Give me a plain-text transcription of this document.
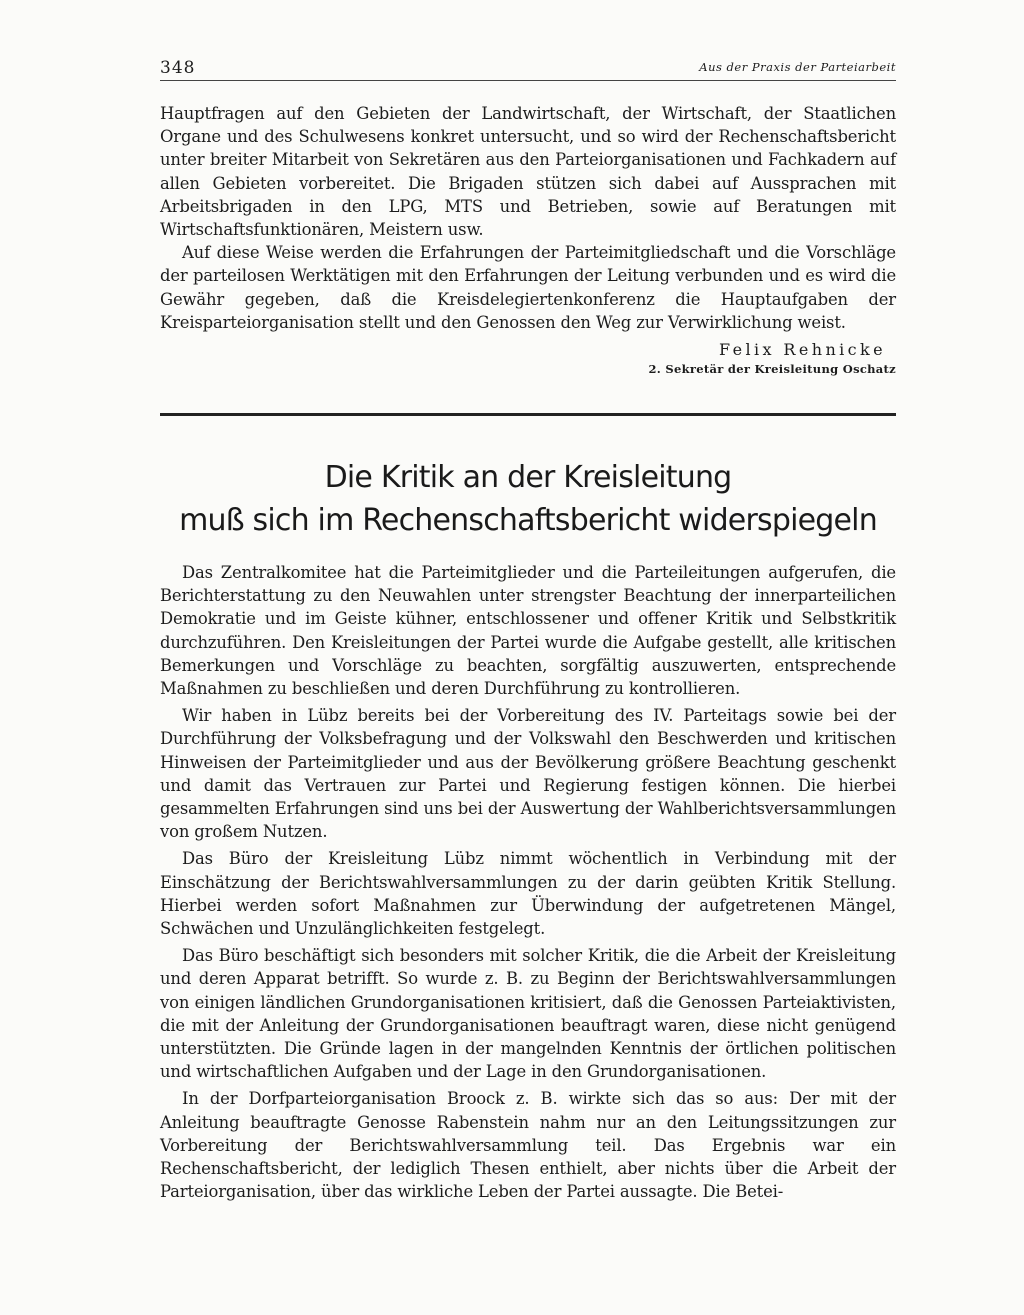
348	Aus der Praxis der Parteiarbeit

Hauptfragen auf den Gebieten der Landwirtschaft, der Wirtschaft, der Staatlichen Organe und des Schulwesens konkret untersucht, und so wird der Rechenschaftsbericht unter breiter Mitarbeit von Sekretären aus den Parteiorganisationen und Fachkadern auf allen Gebieten vorbereitet. Die Brigaden stützen sich dabei auf Aussprachen mit Arbeitsbrigaden in den LPG, MTS und Betrieben, sowie auf Beratungen mit Wirtschaftsfunktionären, Meistern usw.

Auf diese Weise werden die Erfahrungen der Parteimitgliedschaft und die Vorschläge der parteilosen Werktätigen mit den Erfahrungen der Leitung verbunden und es wird die Gewähr gegeben, daß die Kreisdelegiertenkonferenz die Hauptaufgaben der Kreisparteiorganisation stellt und den Genossen den Weg zur Verwirklichung weist.

Felix Rehnicke
2. Sekretär der Kreisleitung Oschatz
Die Kritik an der Kreisleitung
muß sich im Rechenschaftsbericht widerspiegeln

Das Zentralkomitee hat die Parteimitglieder und die Parteileitungen aufgerufen, die Berichterstattung zu den Neuwahlen unter strengster Beachtung der innerparteilichen Demokratie und im Geiste kühner, entschlossener und offener Kritik und Selbstkritik durchzuführen. Den Kreisleitungen der Partei wurde die Aufgabe gestellt, alle kritischen Bemerkungen und Vorschläge zu beachten, sorgfältig auszuwerten, entsprechende Maßnahmen zu beschließen und deren Durchführung zu kontrollieren.

Wir haben in Lübz bereits bei der Vorbereitung des IV. Parteitags sowie bei der Durchführung der Volksbefragung und der Volkswahl den Beschwerden und kritischen Hinweisen der Parteimitglieder und aus der Bevölkerung größere Beachtung geschenkt und damit das Vertrauen zur Partei und Regierung festigen können. Die hierbei gesammelten Erfahrungen sind uns bei der Auswertung der Wahlberichtsversammlungen von großem Nutzen.

Das Büro der Kreisleitung Lübz nimmt wöchentlich in Verbindung mit der Einschätzung der Berichtswahlversammlungen zu der darin geübten Kritik Stellung. Hierbei werden sofort Maßnahmen zur Überwindung der aufgetretenen Mängel, Schwächen und Unzulänglichkeiten festgelegt.

Das Büro beschäftigt sich besonders mit solcher Kritik, die die Arbeit der Kreisleitung und deren Apparat betrifft. So wurde z. B. zu Beginn der Berichtswahlversammlungen von einigen ländlichen Grundorganisationen kritisiert, daß die Genossen Parteiaktivisten, die mit der Anleitung der Grundorganisationen beauftragt waren, diese nicht genügend unterstützten. Die Gründe lagen in der mangelnden Kenntnis der örtlichen politischen und wirtschaftlichen Aufgaben und der Lage in den Grundorganisationen.

In der Dorfparteiorganisation Broock z. B. wirkte sich das so aus: Der mit der Anleitung beauftragte Genosse Rabenstein nahm nur an den Leitungssitzungen zur Vorbereitung der Berichtswahlversammlung teil. Das Ergebnis war ein Rechenschaftsbericht, der lediglich Thesen enthielt, aber nichts über die Arbeit der Parteiorganisation, über das wirkliche Leben der Partei aussagte. Die Betei-
